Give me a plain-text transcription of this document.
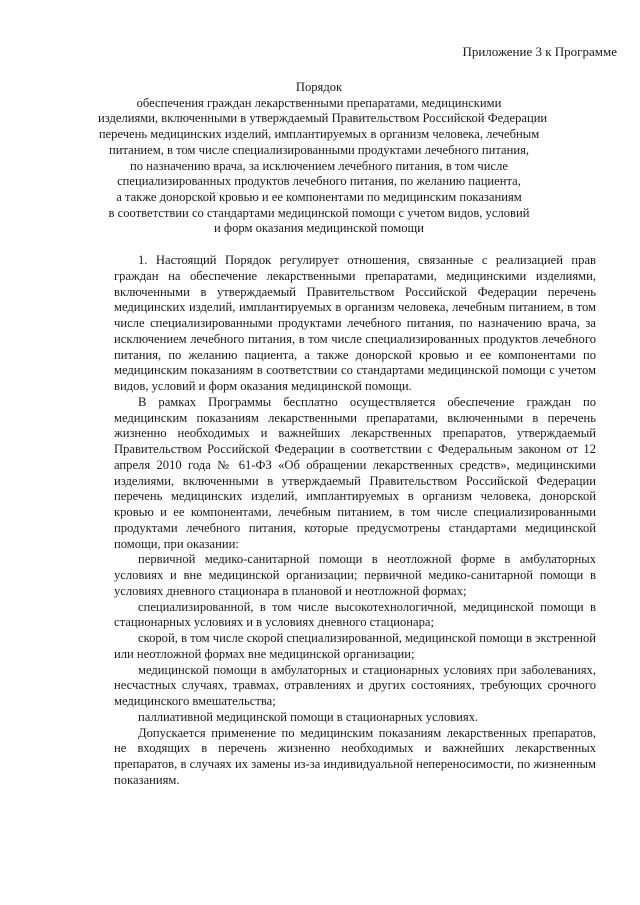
Приложение 3 к Программе
Порядок
обеспечения граждан лекарственными препаратами, медицинскими
изделиями, включенными в утверждаемый Правительством Российской Федерации
перечень медицинских изделий, имплантируемых в организм человека, лечебным
питанием, в том числе специализированными продуктами лечебного питания,
по назначению врача, за исключением лечебного питания, в том числе
специализированных продуктов лечебного питания, по желанию пациента,
а также донорской кровью и ее компонентами по медицинским показаниям
в соответствии со стандартами медицинской помощи с учетом видов, условий
и форм оказания медицинской помощи

1. Настоящий Порядок регулирует отношения, связанные с реализацией прав граждан на обеспечение лекарственными препаратами, медицинскими изделиями, включенными в утверждаемый Правительством Российской Федерации перечень медицинских изделий, имплантируемых в организм человека, лечебным питанием, в том числе специализированными продуктами лечебного питания, по назначению врача, за исключением лечебного питания, в том числе специализированных продуктов лечебного питания, по желанию пациента, а также донорской кровью и ее компонентами по медицинским показаниям в соответствии со стандартами медицинской помощи с учетом видов, условий и форм оказания медицинской помощи.

В рамках Программы бесплатно осуществляется обеспечение граждан по медицинским показаниям лекарственными препаратами, включенными в перечень жизненно необходимых и важнейших лекарственных препаратов, утверждаемый Правительством Российской Федерации в соответствии с Федеральным законом от 12 апреля 2010 года № 61-ФЗ «Об обращении лекарственных средств», медицинскими изделиями, включенными в утверждаемый Правительством Российской Федерации перечень медицинских изделий, имплантируемых в организм человека, донорской кровью и ее компонентами, лечебным питанием, в том числе специализированными продуктами лечебного питания, которые предусмотрены стандартами медицинской помощи, при оказании:

первичной медико-санитарной помощи в неотложной форме в амбулаторных условиях и вне медицинской организации; первичной медико-санитарной помощи в условиях дневного стационара в плановой и неотложной формах;

специализированной, в том числе высокотехнологичной, медицинской помощи в стационарных условиях и в условиях дневного стационара;

скорой, в том числе скорой специализированной, медицинской помощи в экстренной или неотложной формах вне медицинской организации;

медицинской помощи в амбулаторных и стационарных условиях при заболеваниях, несчастных случаях, травмах, отравлениях и других состояниях, требующих срочного медицинского вмешательства;

паллиативной медицинской помощи в стационарных условиях.

Допускается применение по медицинским показаниям лекарственных препаратов, не входящих в перечень жизненно необходимых и важнейших лекарственных препаратов, в случаях их замены из-за индивидуальной непереносимости, по жизненным показаниям.
